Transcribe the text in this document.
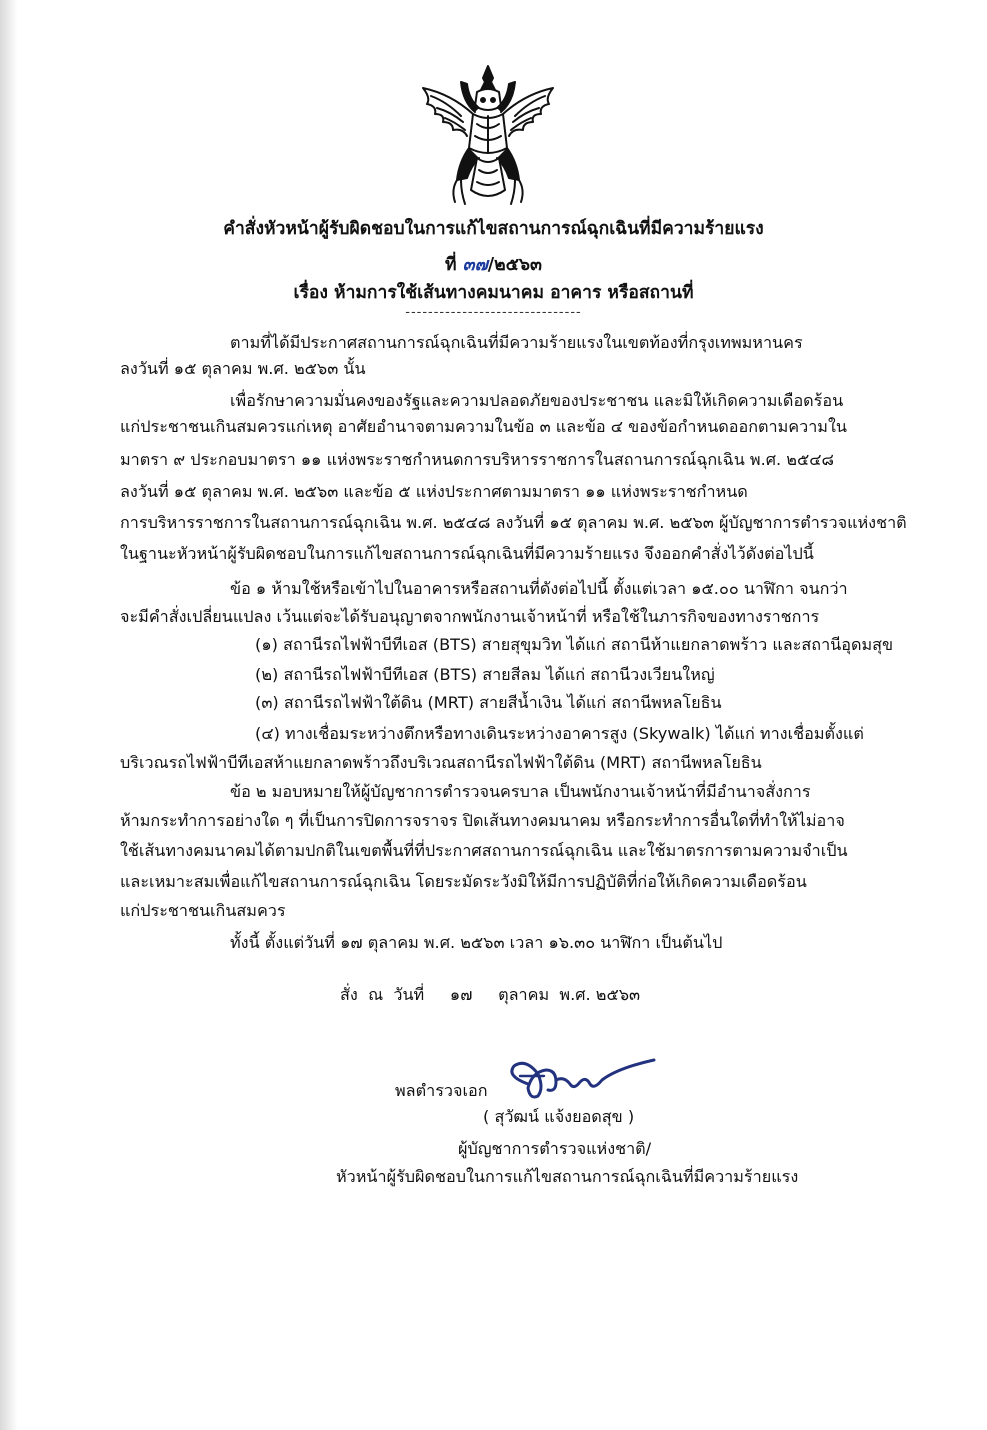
คำสั่งหัวหน้าผู้รับผิดชอบในการแก้ไขสถานการณ์ฉุกเฉินที่มีความร้ายแรง
ที่ ๓๗/๒๕๖๓
เรื่อง ห้ามการใช้เส้นทางคมนาคม อาคาร หรือสถานที่
-------------------------------
ตามที่ได้มีประกาศสถานการณ์ฉุกเฉินที่มีความร้ายแรงในเขตท้องที่กรุงเทพมหานคร
ลงวันที่ ๑๕ ตุลาคม พ.ศ. ๒๕๖๓ นั้น
เพื่อรักษาความมั่นคงของรัฐและความปลอดภัยของประชาชน และมิให้เกิดความเดือดร้อน
แก่ประชาชนเกินสมควรแก่เหตุ อาศัยอำนาจตามความในข้อ ๓ และข้อ ๔ ของข้อกำหนดออกตามความใน
มาตรา ๙ ประกอบมาตรา ๑๑ แห่งพระราชกำหนดการบริหารราชการในสถานการณ์ฉุกเฉิน พ.ศ. ๒๕๔๘
ลงวันที่ ๑๕ ตุลาคม พ.ศ. ๒๕๖๓ และข้อ ๕ แห่งประกาศตามมาตรา ๑๑ แห่งพระราชกำหนด
การบริหารราชการในสถานการณ์ฉุกเฉิน พ.ศ. ๒๕๔๘ ลงวันที่ ๑๕ ตุลาคม พ.ศ. ๒๕๖๓ ผู้บัญชาการตำรวจแห่งชาติ
ในฐานะหัวหน้าผู้รับผิดชอบในการแก้ไขสถานการณ์ฉุกเฉินที่มีความร้ายแรง จึงออกคำสั่งไว้ดังต่อไปนี้
ข้อ ๑ ห้ามใช้หรือเข้าไปในอาคารหรือสถานที่ดังต่อไปนี้ ตั้งแต่เวลา ๑๕.๐๐ นาฬิกา จนกว่า
จะมีคำสั่งเปลี่ยนแปลง เว้นแต่จะได้รับอนุญาตจากพนักงานเจ้าหน้าที่ หรือใช้ในภารกิจของทางราชการ
(๑) สถานีรถไฟฟ้าบีทีเอส (BTS) สายสุขุมวิท ได้แก่ สถานีห้าแยกลาดพร้าว และสถานีอุดมสุข
(๒) สถานีรถไฟฟ้าบีทีเอส (BTS) สายสีลม ได้แก่ สถานีวงเวียนใหญ่
(๓) สถานีรถไฟฟ้าใต้ดิน (MRT) สายสีน้ำเงิน ได้แก่ สถานีพหลโยธิน
(๔) ทางเชื่อมระหว่างตึกหรือทางเดินระหว่างอาคารสูง (Skywalk) ได้แก่ ทางเชื่อมตั้งแต่
บริเวณรถไฟฟ้าบีทีเอสห้าแยกลาดพร้าวถึงบริเวณสถานีรถไฟฟ้าใต้ดิน (MRT) สถานีพหลโยธิน
ข้อ ๒ มอบหมายให้ผู้บัญชาการตำรวจนครบาล เป็นพนักงานเจ้าหน้าที่มีอำนาจสั่งการ
ห้ามกระทำการอย่างใด ๆ ที่เป็นการปิดการจราจร ปิดเส้นทางคมนาคม หรือกระทำการอื่นใดที่ทำให้ไม่อาจ
ใช้เส้นทางคมนาคมได้ตามปกติในเขตพื้นที่ที่ประกาศสถานการณ์ฉุกเฉิน และใช้มาตรการตามความจำเป็น
และเหมาะสมเพื่อแก้ไขสถานการณ์ฉุกเฉิน โดยระมัดระวังมิให้มีการปฏิบัติที่ก่อให้เกิดความเดือดร้อน
แก่ประชาชนเกินสมควร
ทั้งนี้ ตั้งแต่วันที่ ๑๗ ตุลาคม พ.ศ. ๒๕๖๓ เวลา ๑๖.๓๐ นาฬิกา เป็นต้นไป
สั่ง  ณ  วันที่     ๑๗     ตุลาคม  พ.ศ. ๒๕๖๓
พลตำรวจเอก
( สุวัฒน์ แจ้งยอดสุข )
ผู้บัญชาการตำรวจแห่งชาติ/
หัวหน้าผู้รับผิดชอบในการแก้ไขสถานการณ์ฉุกเฉินที่มีความร้ายแรง
